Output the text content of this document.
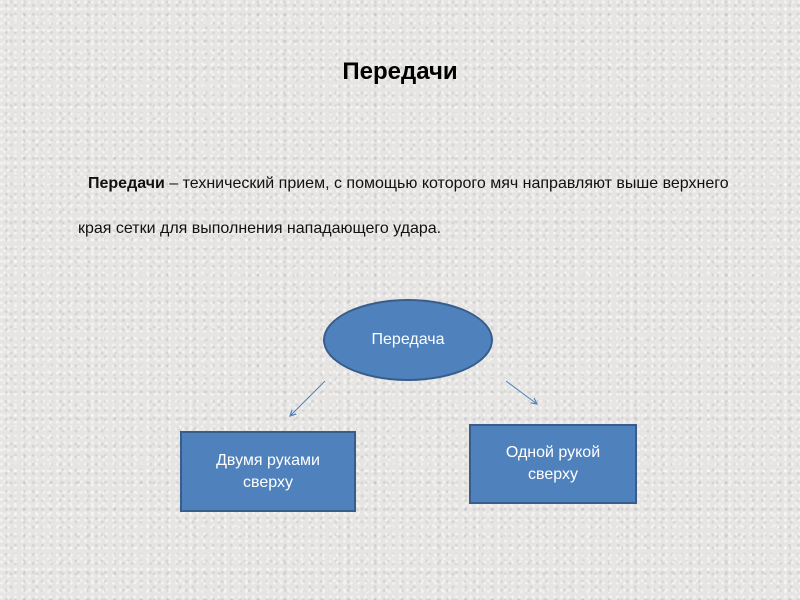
Передачи
Передачи – технический прием, с помощью которого мяч направляют выше верхнего края сетки для выполнения нападающего удара.
Передача
Двумя руками
сверху
Одной рукой
сверху
